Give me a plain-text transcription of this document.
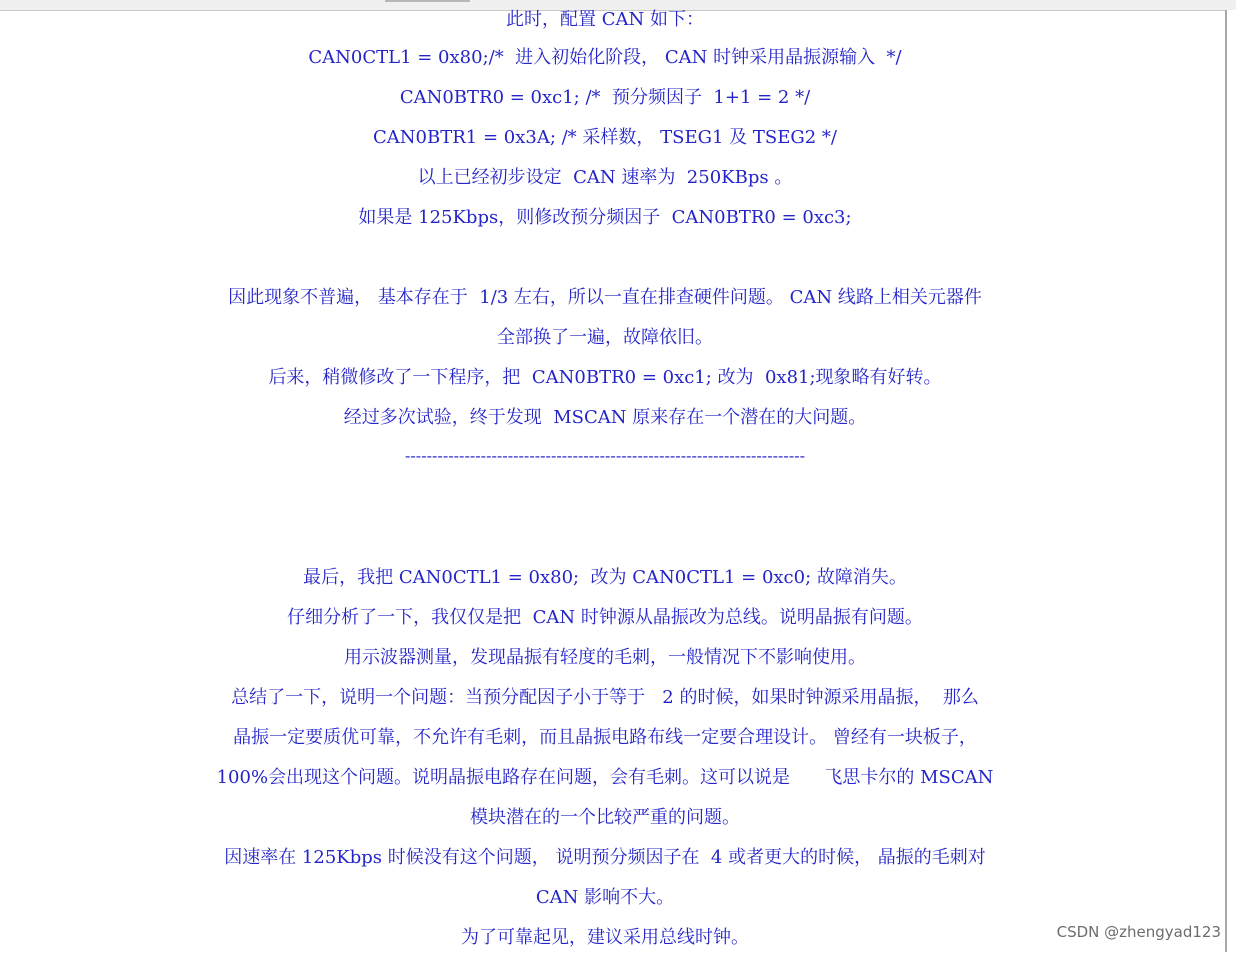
此时，配置 CAN 如下：

CAN0CTL1 = 0x80;/*  进入初始化阶段， CAN 时钟采用晶振源输入  */

CAN0BTR0 = 0xc1; /*  预分频因子  1+1 = 2 */

CAN0BTR1 = 0x3A; /* 采样数， TSEG1 及 TSEG2 */

以上已经初步设定  CAN 速率为  250KBps 。

如果是 125Kbps，则修改预分频因子  CAN0BTR0 = 0xc3;

因此现象不普遍， 基本存在于  1/3 左右，所以一直在排查硬件问题。 CAN 线路上相关元器件

全部换了一遍，故障依旧。

后来，稍微修改了一下程序，把  CAN0BTR0 = 0xc1; 改为  0x81;现象略有好转。

经过多次试验，终于发现  MSCAN 原来存在一个潜在的大问题。

--------------------------------------------------------------------------

最后，我把 CAN0CTL1 = 0x80;  改为 CAN0CTL1 = 0xc0; 故障消失。

仔细分析了一下，我仅仅是把  CAN 时钟源从晶振改为总线。说明晶振有问题。

用示波器测量，发现晶振有轻度的毛刺，一般情况下不影响使用。

总结了一下，说明一个问题：当预分配因子小于等于   2 的时候，如果时钟源采用晶振，  那么

晶振一定要质优可靠，不允许有毛刺，而且晶振电路布线一定要合理设计。 曾经有一块板子，

100%会出现这个问题。说明晶振电路存在问题，会有毛刺。这可以说是      飞思卡尔的 MSCAN

模块潜在的一个比较严重的问题。

因速率在 125Kbps 时候没有这个问题， 说明预分频因子在  4 或者更大的时候， 晶振的毛刺对

CAN 影响不大。

为了可靠起见，建议采用总线时钟。	CSDN @zhengyad123
